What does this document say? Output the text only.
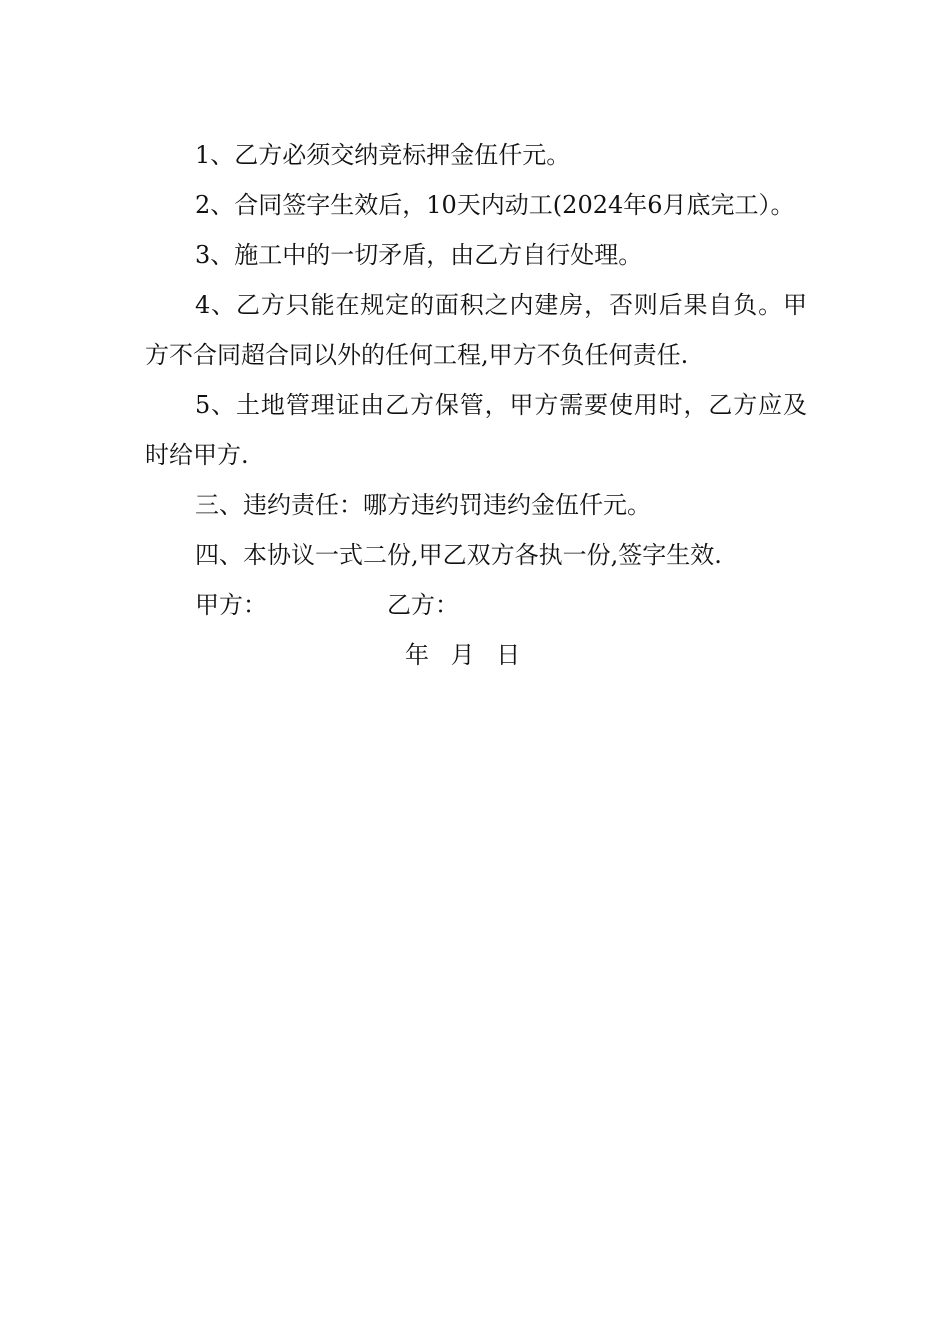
1、乙方必须交纳竞标押金伍仟元。

2、合同签字生效后，10天内动工(2024年6月底完工）。

3、施工中的一切矛盾，由乙方自行处理。

4、乙方只能在规定的面积之内建房，否则后果自负。甲方不合同超合同以外的任何工程,甲方不负任何责任.

5、土地管理证由乙方保管，甲方需要使用时，乙方应及时给甲方.

三、违约责任：哪方违约罚违约金伍仟元。

四、本协议一式二份,甲乙双方各执一份,签字生效.

甲方：	乙方：
年 月 日
